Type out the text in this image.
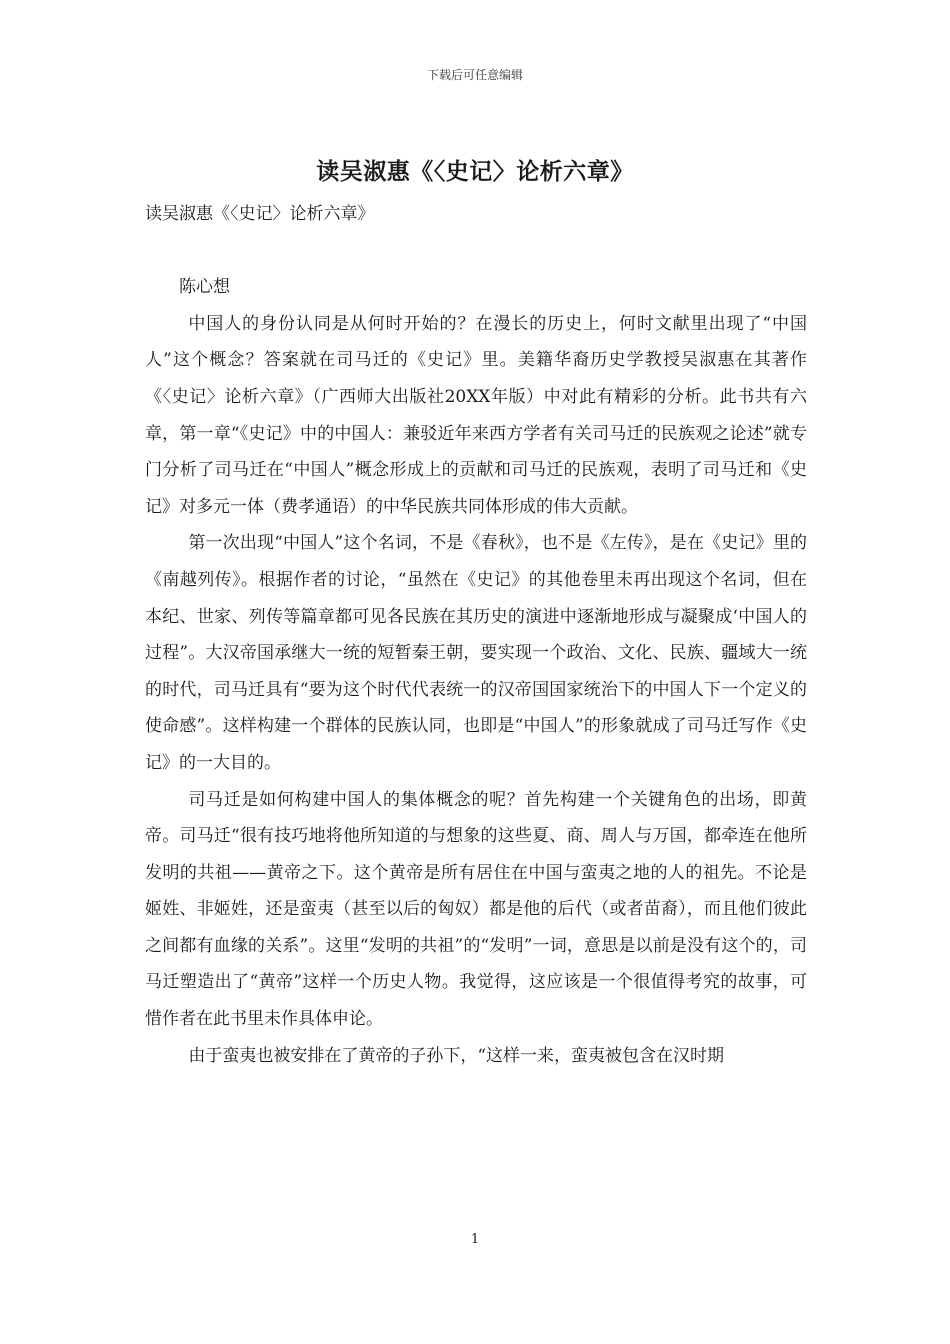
下载后可任意编辑
读吴淑惠《〈史记〉论析六章》

读吴淑惠《〈史记〉论析六章》

陈心想

中国人的身份认同是从何时开始的？在漫长的历史上，何时文献里出现了“中国人”这个概念？答案就在司马迁的《史记》里。美籍华裔历史学教授吴淑惠在其著作《〈史记〉论析六章》（广西师大出版社20XX年版）中对此有精彩的分析。此书共有六章，第一章“《史记》中的中国人：兼驳近年来西方学者有关司马迁的民族观之论述”就专门分析了司马迁在“中国人”概念形成上的贡献和司马迁的民族观，表明了司马迁和《史记》对多元一体（费孝通语）的中华民族共同体形成的伟大贡献。

第一次出现“中国人”这个名词，不是《春秋》，也不是《左传》，是在《史记》里的《南越列传》。根据作者的讨论，“虽然在《史记》的其他卷里未再出现这个名词，但在本纪、世家、列传等篇章都可见各民族在其历史的演进中逐渐地形成与凝聚成‘中国人的过程”。大汉帝国承继大一统的短暂秦王朝，要实现一个政治、文化、民族、疆域大一统的时代，司马迁具有“要为这个时代代表统一的汉帝国国家统治下的中国人下一个定义的使命感”。这样构建一个群体的民族认同，也即是“中国人”的形象就成了司马迁写作《史记》的一大目的。

司马迁是如何构建中国人的集体概念的呢？首先构建一个关键角色的出场，即黄帝。司马迁“很有技巧地将他所知道的与想象的这些夏、商、周人与万国，都牵连在他所发明的共祖——黄帝之下。这个黄帝是所有居住在中国与蛮夷之地的人的祖先。不论是姬姓、非姬姓，还是蛮夷（甚至以后的匈奴）都是他的后代（或者苗裔），而且他们彼此之间都有血缘的关系”。这里“发明的共祖”的“发明”一词，意思是以前是没有这个的，司马迁塑造出了“黄帝”这样一个历史人物。我觉得，这应该是一个很值得考究的故事，可惜作者在此书里未作具体申论。

由于蛮夷也被安排在了黄帝的子孙下，“这样一来，蛮夷被包含在汉时期

1
